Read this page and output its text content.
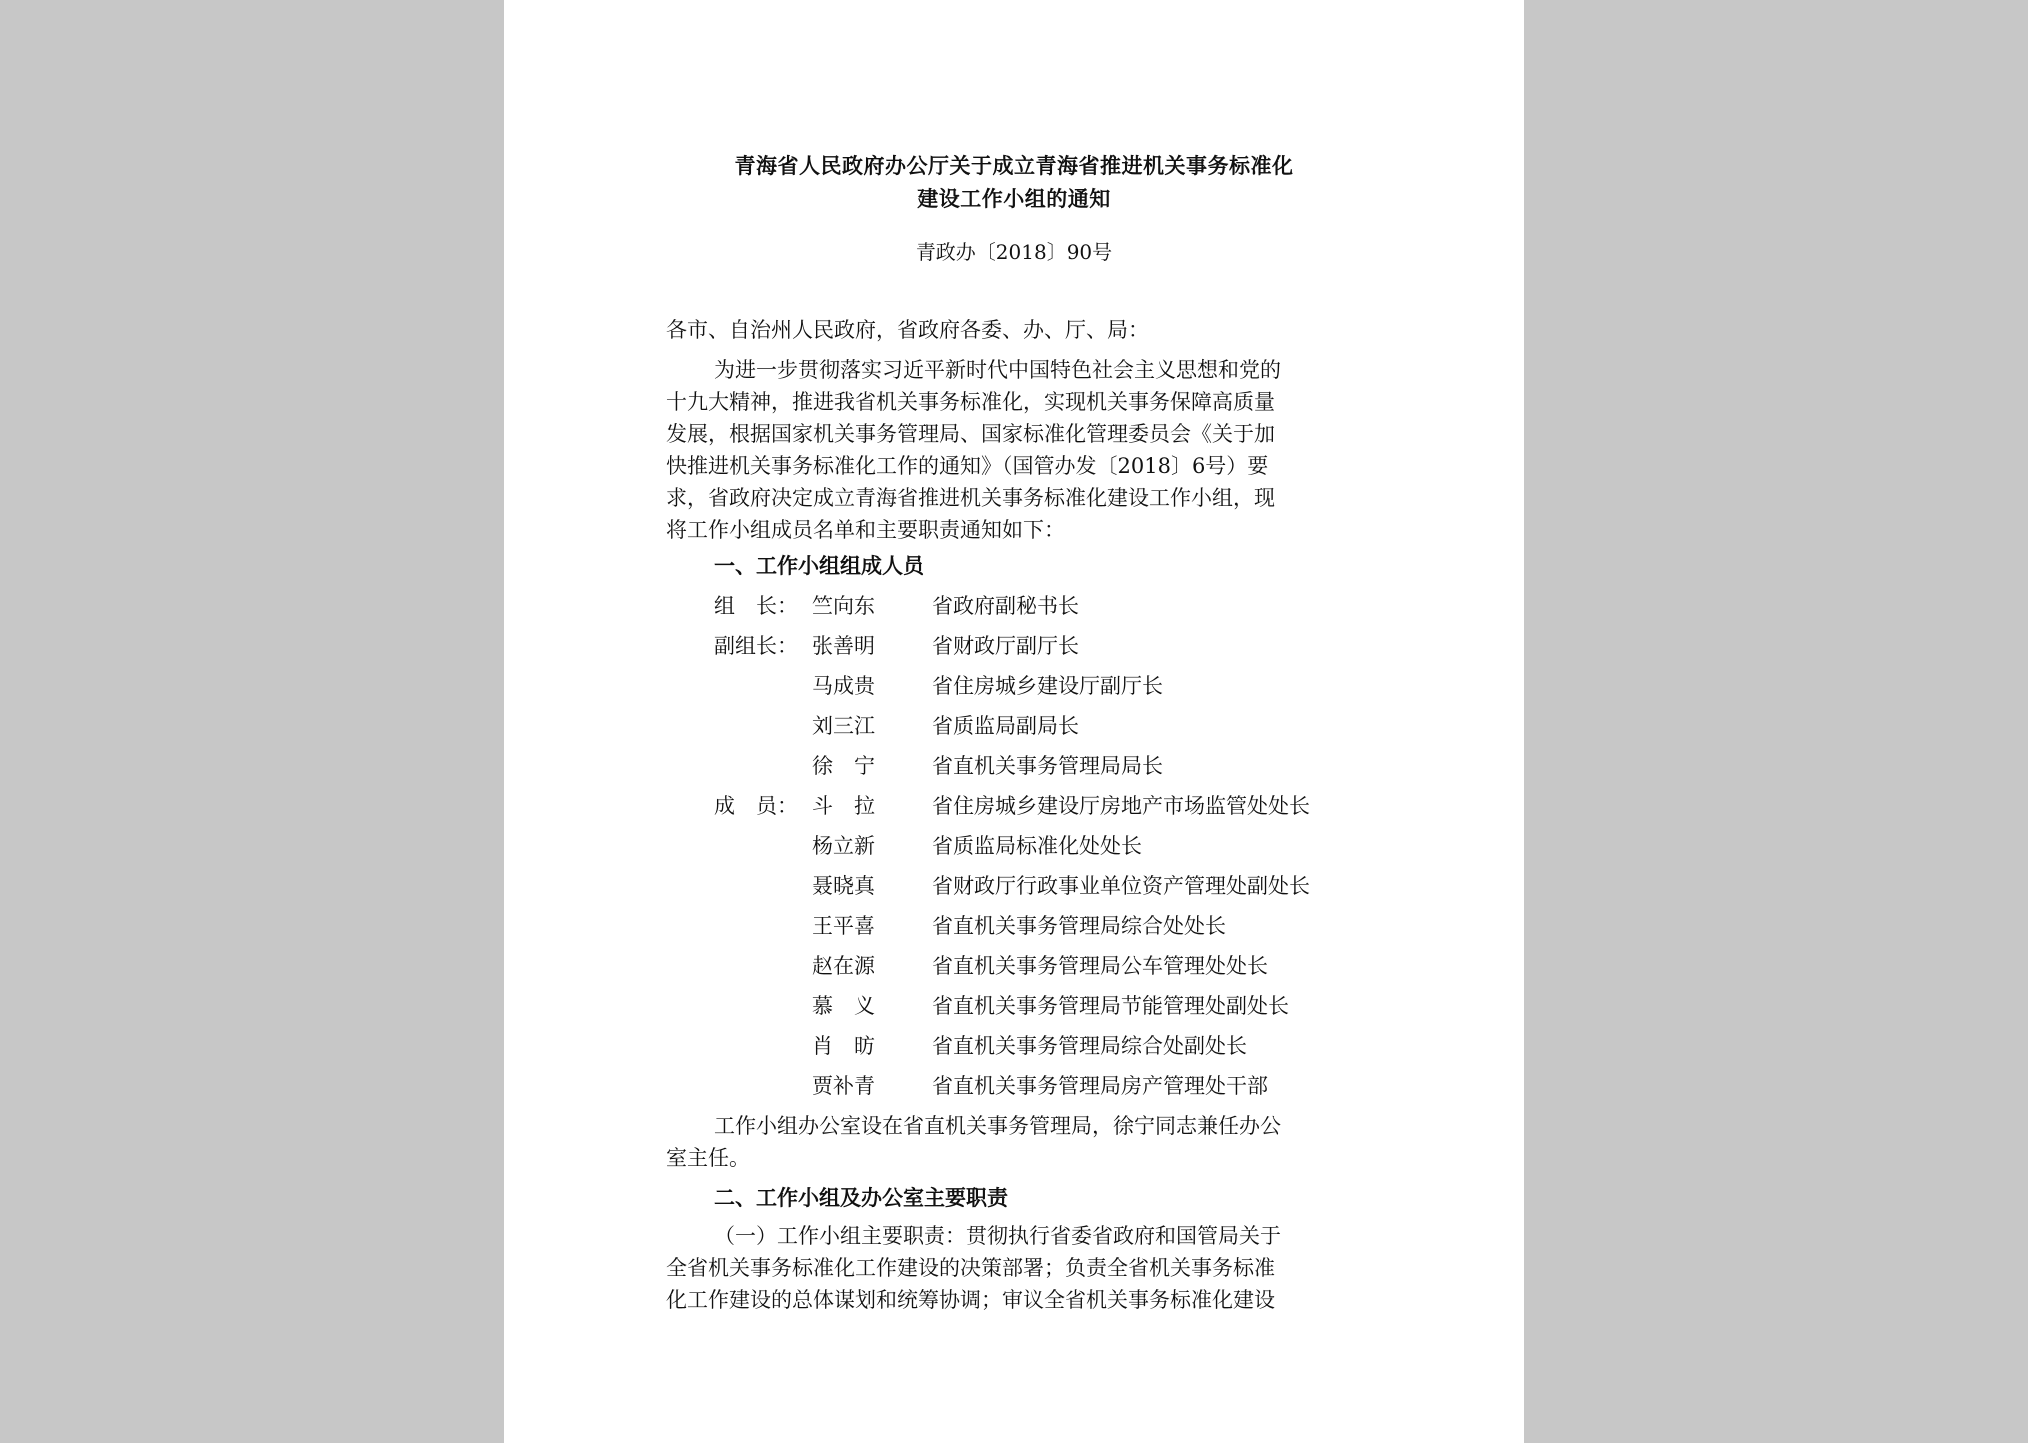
青海省人民政府办公厅关于成立青海省推进机关事务标准化
建设工作小组的通知
青政办〔2018〕90号
各市、自治州人民政府，省政府各委、办、厅、局：
为进一步贯彻落实习近平新时代中国特色社会主义思想和党的
十九大精神，推进我省机关事务标准化，实现机关事务保障高质量
发展，根据国家机关事务管理局、国家标准化管理委员会《关于加
快推进机关事务标准化工作的通知》（国管办发〔2018〕6号）要
求，省政府决定成立青海省推进机关事务标准化建设工作小组，现
将工作小组成员名单和主要职责通知如下：
一、工作小组组成人员
组　长： 竺向东	省政府副秘书长
副组长： 张善明	省财政厅副厅长
马成贵	省住房城乡建设厅副厅长
刘三江	省质监局副局长
徐　宁	省直机关事务管理局局长
成　员： 斗　拉	省住房城乡建设厅房地产市场监管处处长
杨立新	省质监局标准化处处长
聂晓真	省财政厅行政事业单位资产管理处副处长
王平喜	省直机关事务管理局综合处处长
赵在源	省直机关事务管理局公车管理处处长
慕　义	省直机关事务管理局节能管理处副处长
肖　昉	省直机关事务管理局综合处副处长
贾补青	省直机关事务管理局房产管理处干部
工作小组办公室设在省直机关事务管理局，徐宁同志兼任办公
室主任。
二、工作小组及办公室主要职责
（一）工作小组主要职责：贯彻执行省委省政府和国管局关于
全省机关事务标准化工作建设的决策部署；负责全省机关事务标准
化工作建设的总体谋划和统筹协调；审议全省机关事务标准化建设
